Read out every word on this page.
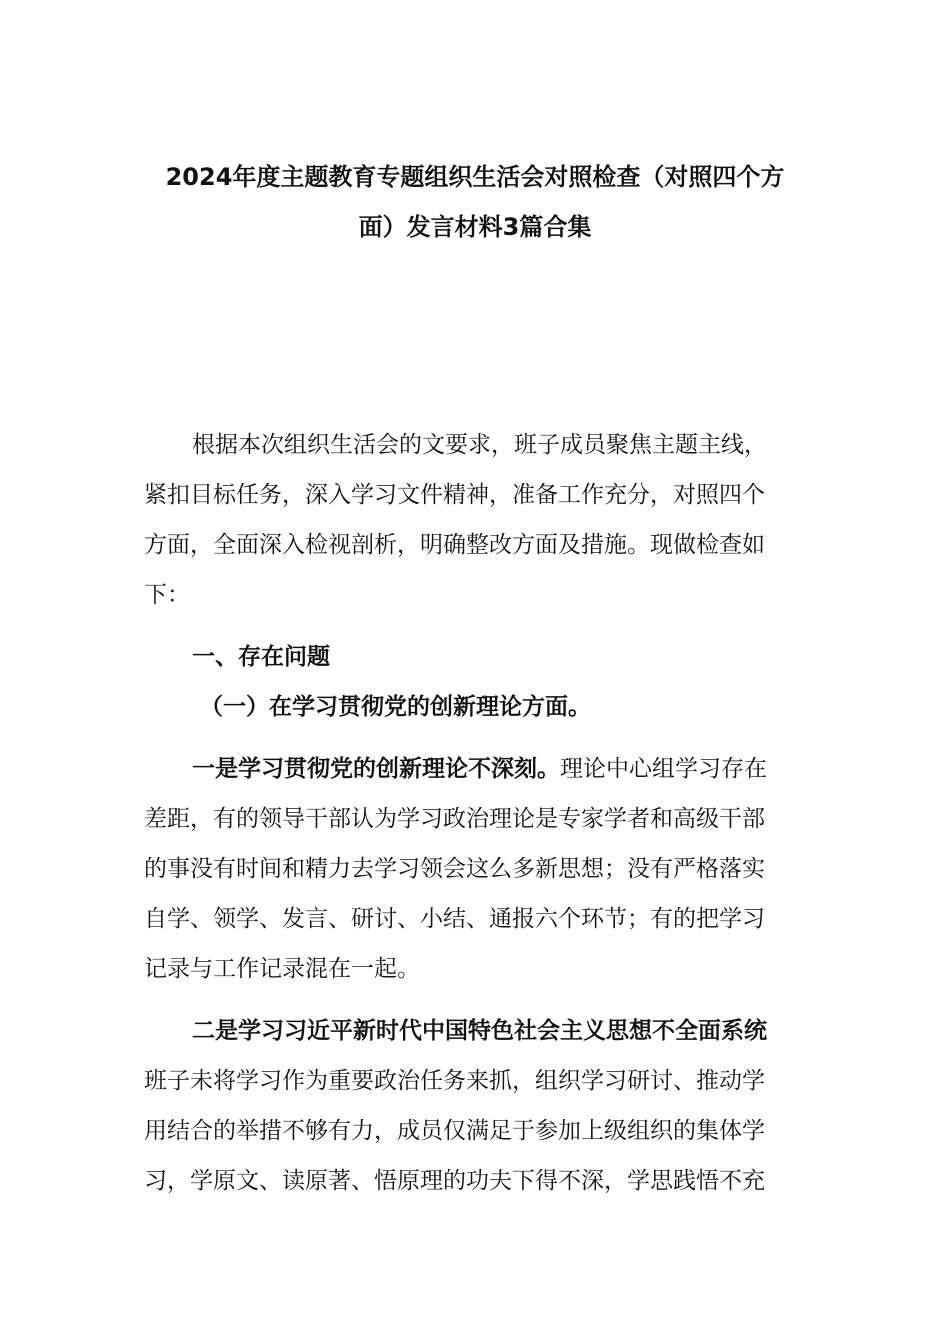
2024年度主题教育专题组织生活会对照检查（对照四个方
面）发言材料3篇合集
根据本次组织生活会的文要求，班子成员聚焦主题主线，
紧扣目标任务，深入学习文件精神，准备工作充分，对照四个
方面，全面深入检视剖析，明确整改方面及措施。现做检查如
下：
一、存在问题
（一）在学习贯彻党的创新理论方面。
一是学习贯彻党的创新理论不深刻。理论中心组学习存在
差距，有的领导干部认为学习政治理论是专家学者和高级干部
的事没有时间和精力去学习领会这么多新思想；没有严格落实
自学、领学、发言、研讨、小结、通报六个环节；有的把学习
记录与工作记录混在一起。
二是学习习近平新时代中国特色社会主义思想不全面系统
班子未将学习作为重要政治任务来抓，组织学习研讨、推动学
用结合的举措不够有力，成员仅满足于参加上级组织的集体学
习，学原文、读原著、悟原理的功夫下得不深，学思践悟不充
